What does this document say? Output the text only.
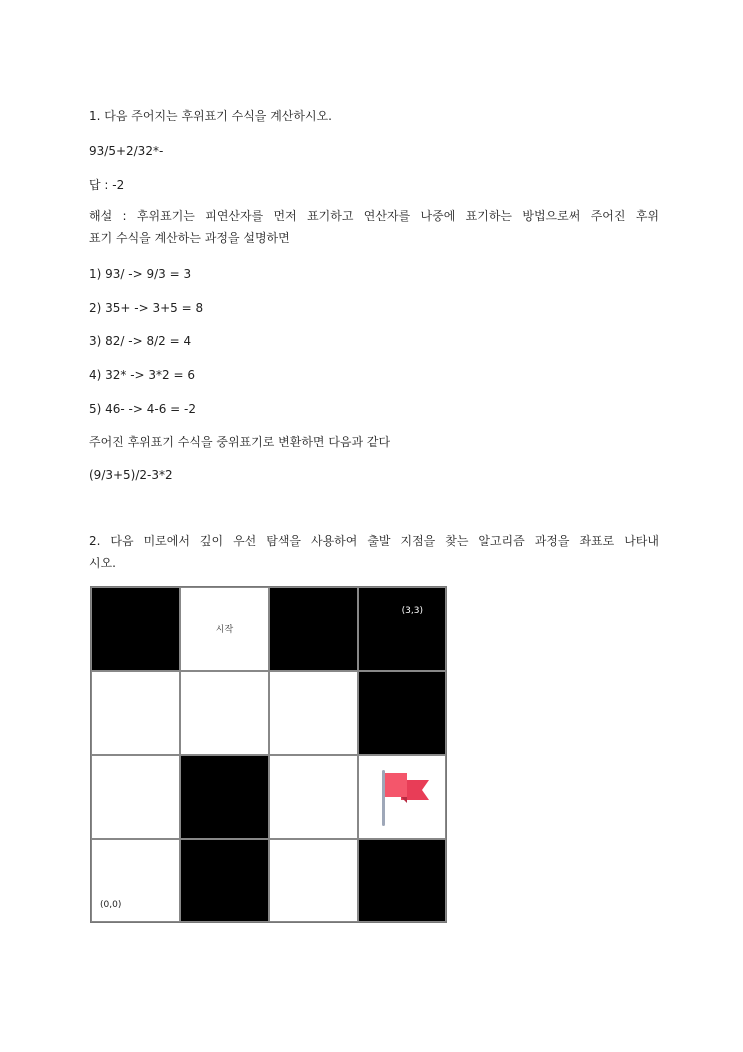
1. 다음 주어지는 후위표기 수식을 계산하시오.
93/5+2/32*-
답 : -2
해설 : 후위표기는 피연산자를 먼저 표기하고 연산자를 나중에 표기하는 방법으로써 주어진 후위
표기 수식을 계산하는 과정을 설명하면
1) 93/ -> 9/3 = 3
2) 35+ -> 3+5 = 8
3) 82/ -> 8/2 = 4
4) 32* -> 3*2 = 6
5) 46- -> 4-6 = -2
주어진 후위표기 수식을 중위표기로 변환하면 다음과 같다
(9/3+5)/2-3*2
2. 다음 미로에서 깊이 우선 탐색을 사용하여 출발 지점을 찾는 알고리즘 과정을 좌표로 나타내
시오.
시작
(3,3)
(0,0)
